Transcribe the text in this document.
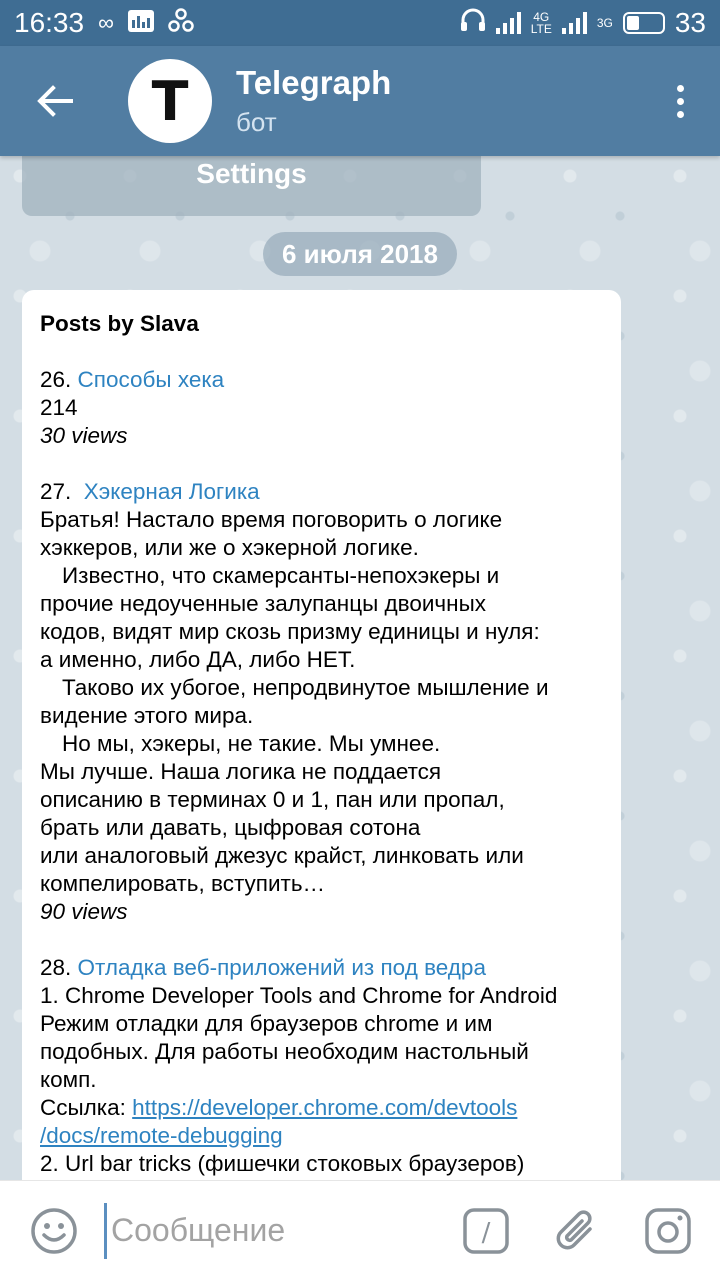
16:33 ∞	4G
LTE	3G 33
T Telegraph
бот
Settings
6 июля 2018
Posts by Slava
26. Способы хека
214
30 views
27. Хэкерная Логика
Братья! Настало время поговорить о логике
хэккеров, или же о хэкерной логике.
Известно, что скамерсанты-непохэкеры и
прочие недоученные залупанцы двоичных
кодов, видят мир скозь призму единицы и нуля:
а именно, либо ДА, либо НЕТ.
Таково их убогое, непродвинутое мышление и
видение этого мира.
Но мы, хэкеры, не такие. Мы умнее.
Мы лучше. Наша логика не поддается
описанию в терминах 0 и 1, пан или пропал,
брать или давать, цыфровая сотона
или аналоговый джезус крайст, линковать или
компелировать, вступить…
90 views
28. Отладка веб-приложений из под ведра
1. Chrome Developer Tools and Chrome for Android
Режим отладки для браузеров chrome и им
подобных. Для работы необходим настольный
комп.
Ссылка: https://developer.chrome.com/devtools
/docs/remote-debugging
2. Url bar tricks (фишечки стоковых браузеров)
Сообщение
/
